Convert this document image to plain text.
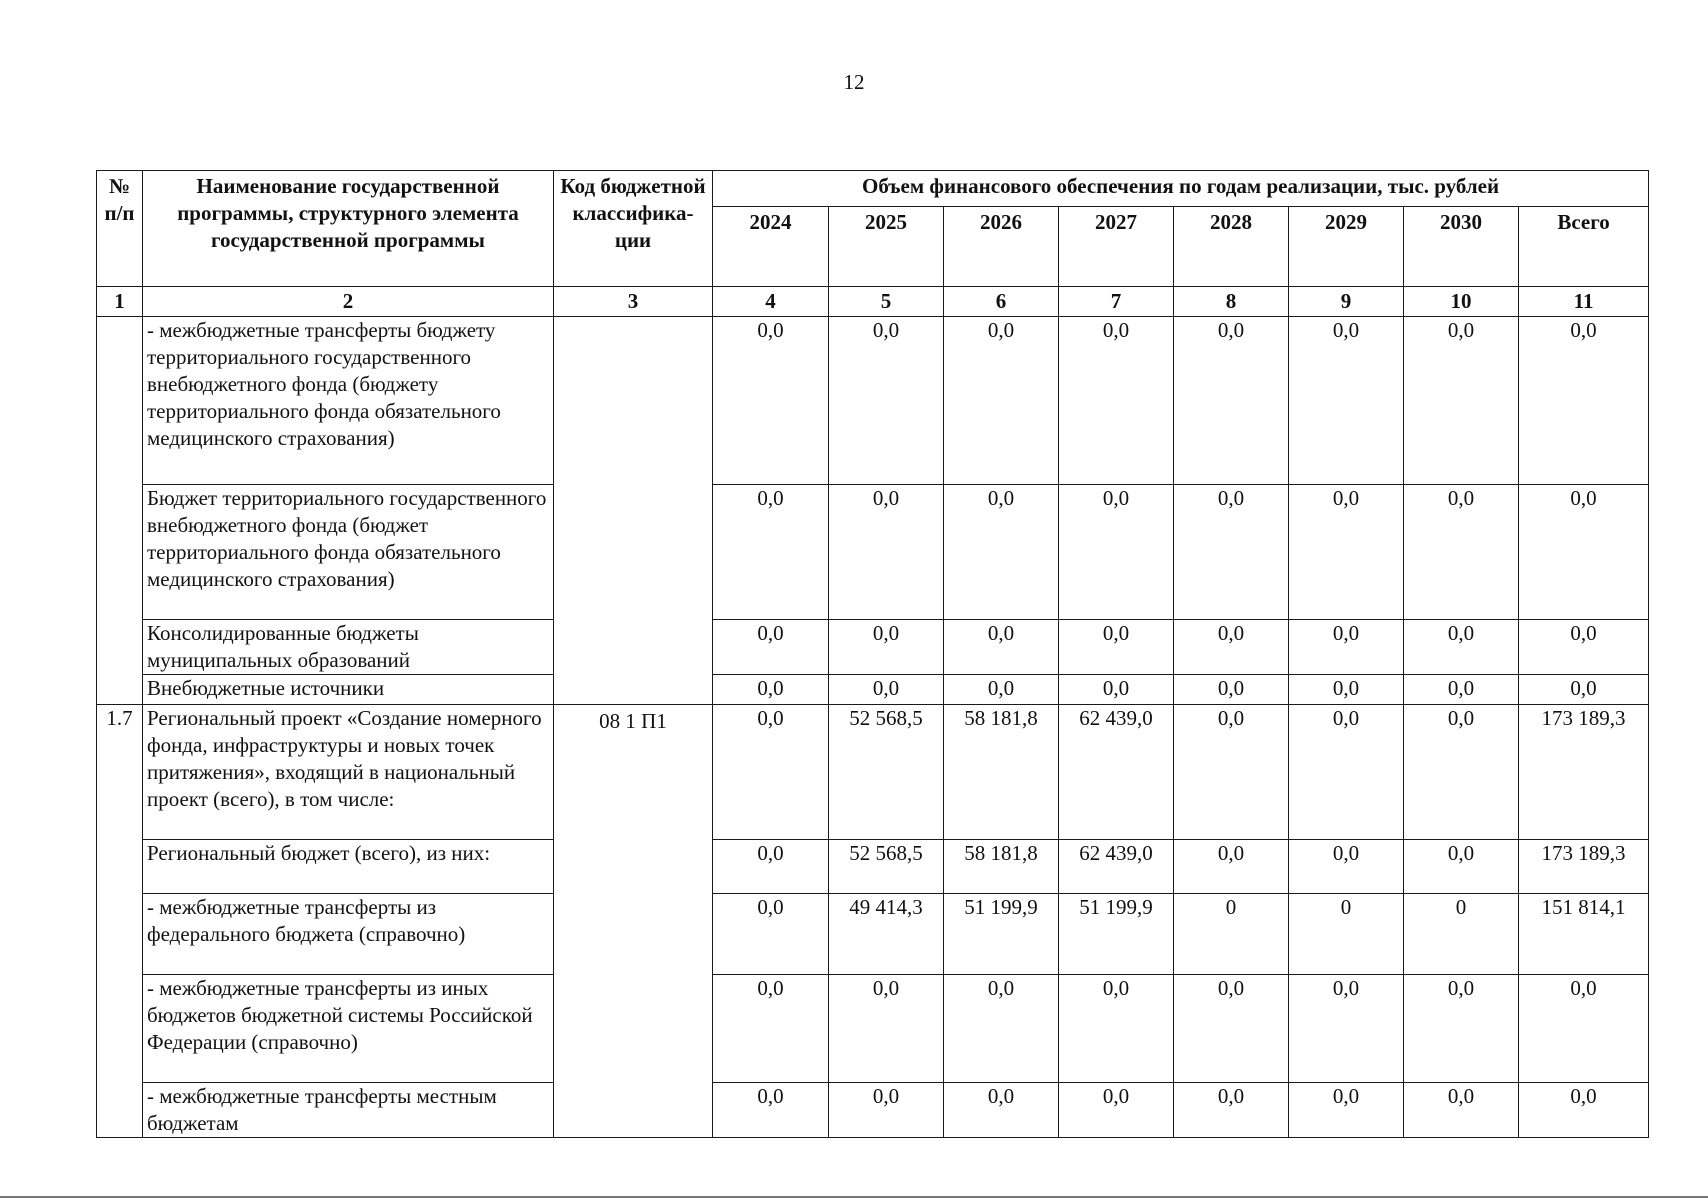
12
№ п/п	Наименование государственной программы, структурного элемента государственной программы	Код бюджетной классифика-ции	Объем финансового обеспечения по годам реализации, тыс. рублей							
			2024	2025	2026	2027	2028	2029	2030	Всего
1	2	3	4	5	6	7	8	9	10	11
	- межбюджетные трансферты бюджету территориального государственного внебюджетного фонда (бюджету территориального фонда обязательного медицинского страхования)		0,0	0,0	0,0	0,0	0,0	0,0	0,0	0,0
	Бюджет территориального государственного внебюджетного фонда (бюджет территориального фонда обязательного медицинского страхования)		0,0	0,0	0,0	0,0	0,0	0,0	0,0	0,0
	Консолидированные бюджеты муниципальных образований		0,0	0,0	0,0	0,0	0,0	0,0	0,0	0,0
	Внебюджетные источники		0,0	0,0	0,0	0,0	0,0	0,0	0,0	0,0
1.7	Региональный проект «Создание номерного фонда, инфраструктуры и новых точек притяжения», входящий в национальный проект (всего), в том числе:	08 1 П1	0,0	52 568,5	58 181,8	62 439,0	0,0	0,0	0,0	173 189,3
	Региональный бюджет (всего), из них:		0,0	52 568,5	58 181,8	62 439,0	0,0	0,0	0,0	173 189,3
	- межбюджетные трансферты из федерального бюджета (справочно)		0,0	49 414,3	51 199,9	51 199,9	0	0	0	151 814,1
	- межбюджетные трансферты из иных бюджетов бюджетной системы Российской Федерации (справочно)		0,0	0,0	0,0	0,0	0,0	0,0	0,0	0,0
	- межбюджетные трансферты местным бюджетам		0,0	0,0	0,0	0,0	0,0	0,0	0,0	0,0
